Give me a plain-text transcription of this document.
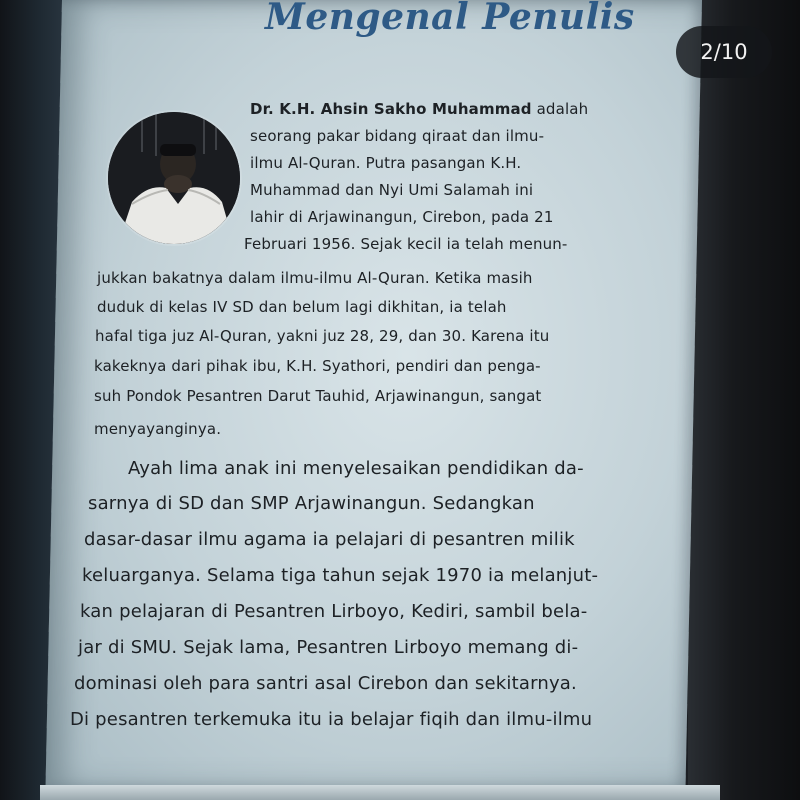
Mengenal Penulis
2/10

Dr. K.H. Ahsin Sakho Muhammad adalah

seorang pakar bidang qiraat dan ilmu-

ilmu Al-Quran. Putra pasangan K.H.

Muhammad dan Nyi Umi Salamah ini

lahir di Arjawinangun, Cirebon, pada 21

Februari 1956. Sejak kecil ia telah menun-

jukkan bakatnya dalam ilmu-ilmu Al-Quran. Ketika masih

duduk di kelas IV SD dan belum lagi dikhitan, ia telah

hafal tiga juz Al-Quran, yakni juz 28, 29, dan 30. Karena itu

kakeknya dari pihak ibu, K.H. Syathori, pendiri dan penga-

suh Pondok Pesantren Darut Tauhid, Arjawinangun, sangat

menyayanginya.

Ayah lima anak ini menyelesaikan pendidikan da-

sarnya di SD dan SMP Arjawinangun. Sedangkan

dasar-dasar ilmu agama ia pelajari di pesantren milik

keluarganya. Selama tiga tahun sejak 1970 ia melanjut-

kan pelajaran di Pesantren Lirboyo, Kediri, sambil bela-

jar di SMU. Sejak lama, Pesantren Lirboyo memang di-

dominasi oleh para santri asal Cirebon dan sekitarnya.

Di pesantren terkemuka itu ia belajar fiqih dan ilmu-ilmu
